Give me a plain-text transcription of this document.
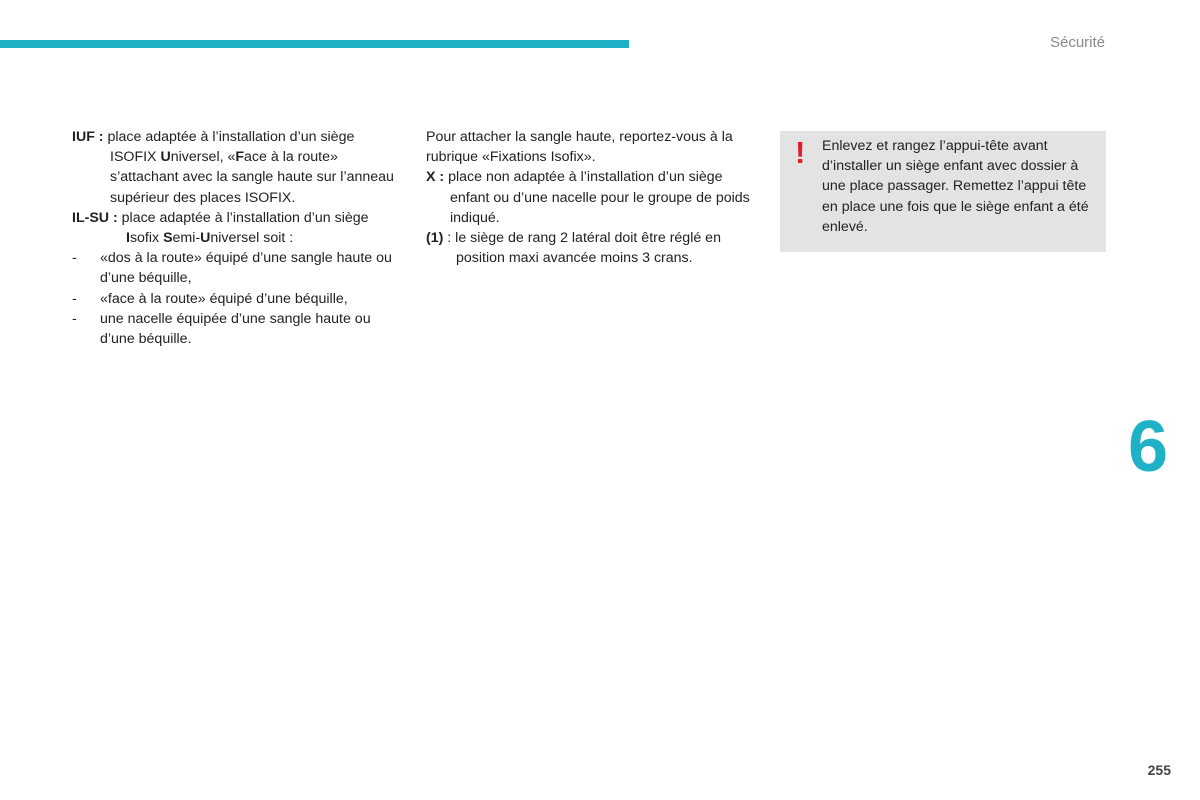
Sécurité

IUF : place adaptée à l’installation d’un siège ISOFIX Universel, «Face à la route» s’attachant avec la sangle haute sur l’anneau supérieur des places ISOFIX.

IL-SU : place adaptée à l’installation d’un siège Isofix Semi-Universel soit :

- «dos à la route» équipé d’une sangle haute ou d’une béquille,

- «face à la route» équipé d’une béquille,

- une nacelle équipée d’une sangle haute ou d’une béquille.

Pour attacher la sangle haute, reportez-vous à la rubrique «Fixations Isofix».

X : place non adaptée à l’installation d’un siège enfant ou d’une nacelle pour le groupe de poids indiqué.

(1) : le siège de rang 2 latéral doit être réglé en position maxi avancée moins 3 crans.

! Enlevez et rangez l’appui-tête avant d’installer un siège enfant avec dossier à une place passager. Remettez l’appui tête en place une fois que le siège enfant a été enlevé.

6
255
